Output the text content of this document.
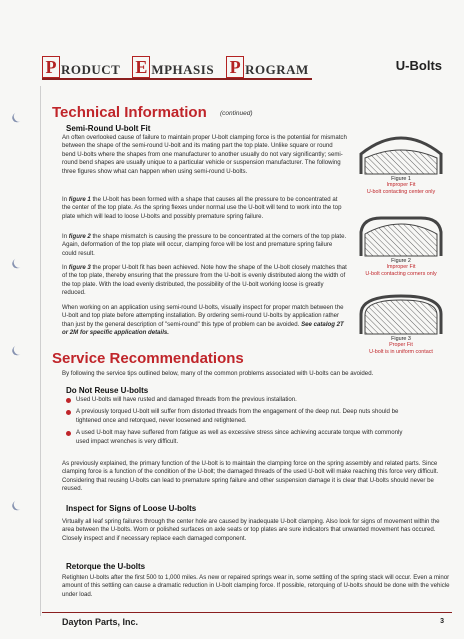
P RODUCT E MPHASIS P ROGRAM	U-Bolts
Technical Information (continued)
Semi-Round U-bolt Fit

An often overlooked cause of failure to maintain proper U-bolt clamping force is the potential for mismatch between the shape of the semi-round U-bolt and its mating part the top plate. Unlike square or round bend U-bolts where the shapes from one manufacturer to another usually do not vary significantly; semi-round bend shapes are usually unique to a particular vehicle or suspension manufacturer. The following three figures show what can happen when using semi-round U-bolts.

In figure 1 the U-bolt has been formed with a shape that causes all the pressure to be concentrated at the center of the top plate. As the spring flexes under normal use the U-bolt will tend to work into the top plate which will lead to loose U-bolts and possibly premature spring failure.

In figure 2 the shape mismatch is causing the pressure to be concentrated at the corners of the top plate. Again, deformation of the top plate will occur, clamping force will be lost and premature spring failure could result.

In figure 3 the proper U-bolt fit has been achieved. Note how the shape of the U-bolt closely matches that of the top plate, thereby ensuring that the pressure from the U-bolt is evenly distributed along the width of the top plate. With the load evenly distributed, the possibility of the U-bolt working loose is greatly reduced.

When working on an application using semi-round U-bolts, visually inspect for proper match between the U-bolt and top plate before attempting installation. By ordering semi-round U-bolts by application rather than just by the general description of "semi-round" this type of problem can be avoided. See catalog 2T or 2M for specific application details.

Figure 1
Improper Fit
U-bolt contacting center only
Figure 2
Improper Fit
U-bolt contacting corners only
Figure 3
Proper Fit
U-bolt is in uniform contact
Service Recommendations

By following the service tips outlined below, many of the common problems associated with U-bolts can be avoided.

Do Not Reuse U-bolts
Used U-bolts will have rusted and damaged threads from the previous installation.
A previously torqued U-bolt will suffer from distorted threads from the engagement of the deep nut. Deep nuts should be tightened once and retorqued, never loosened and retightened.
A used U-bolt may have suffered from fatigue as well as excessive stress since achieving accurate torque with commonly used impact wrenches is very difficult.

As previously explained, the primary function of the U-bolt is to maintain the clamping force on the spring assembly and related parts. Since clamping force is a function of the condition of the U-bolt; the damaged threads of the used U-bolt will make reaching this force very difficult. Considering that reusing U-bolts can lead to premature spring failure and other suspension damage it is clear that U-bolts should never be reused.

Inspect for Signs of Loose U-bolts

Virtually all leaf spring failures through the center hole are caused by inadequate U-bolt clamping. Also look for signs of movement within the area between the U-bolts. Worn or polished surfaces on axle seats or top plates are sure indicators that unwanted movement has occured. Closely inspect and if necessary replace each damaged component.

Retorque the U-bolts

Retighten U-bolts after the first 500 to 1,000 miles. As new or repaired springs wear in, some settling of the spring stack will occur. Even a minor amount of this settling can cause a dramatic reduction in U-bolt clamping force. If possible, retorquing of U-bolts should be done with the vehicle under load.

Dayton Parts, Inc.	3
